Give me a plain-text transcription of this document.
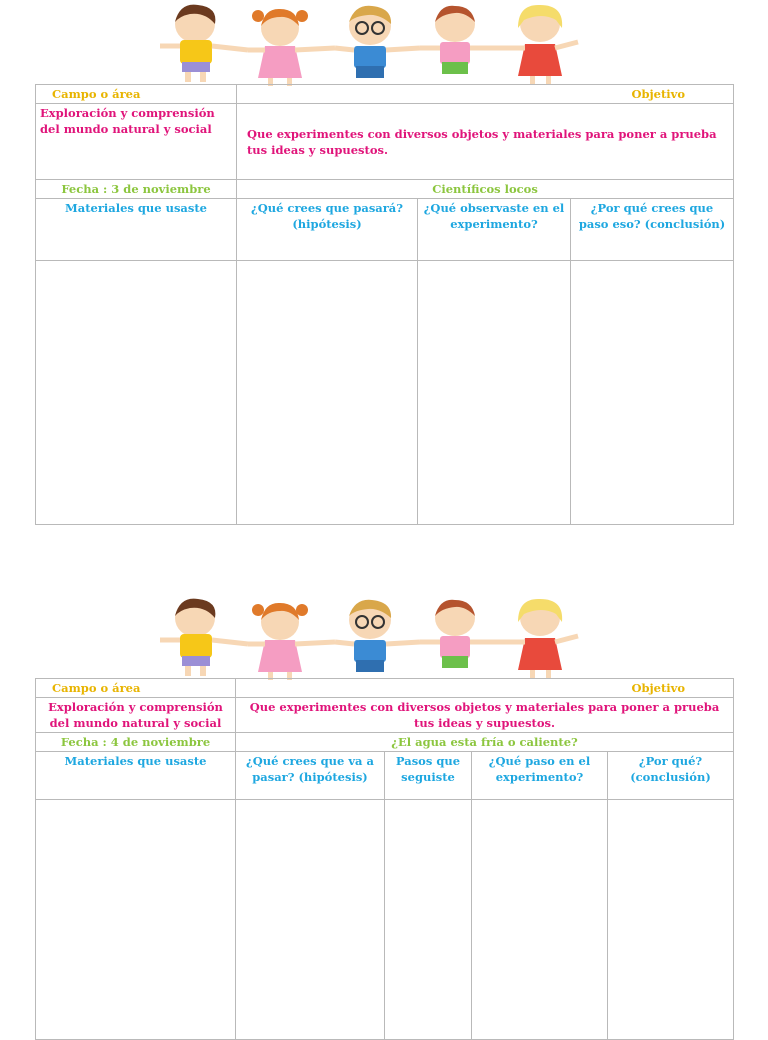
Campo o área	Objetivo		
Exploración y comprensión del mundo natural y social	Que experimentes con diversos objetos y materiales para poner a prueba tus ideas y supuestos.		
Fecha : 3 de noviembre	Científicos locos		
Materiales que usaste	¿Qué crees que pasará? (hipótesis)	¿Qué observaste en el experimento?	¿Por qué crees que paso eso? (conclusión)

Campo o área	Objetivo			
Exploración y comprensión del mundo natural y social	Que experimentes con diversos objetos y materiales para poner a prueba tus ideas y supuestos.			
Fecha : 4 de noviembre	¿El agua esta fría o caliente?			
Materiales que usaste	¿Qué crees que va a pasar? (hipótesis)	Pasos que seguiste	¿Qué paso en el experimento?	¿Por qué? (conclusión)
